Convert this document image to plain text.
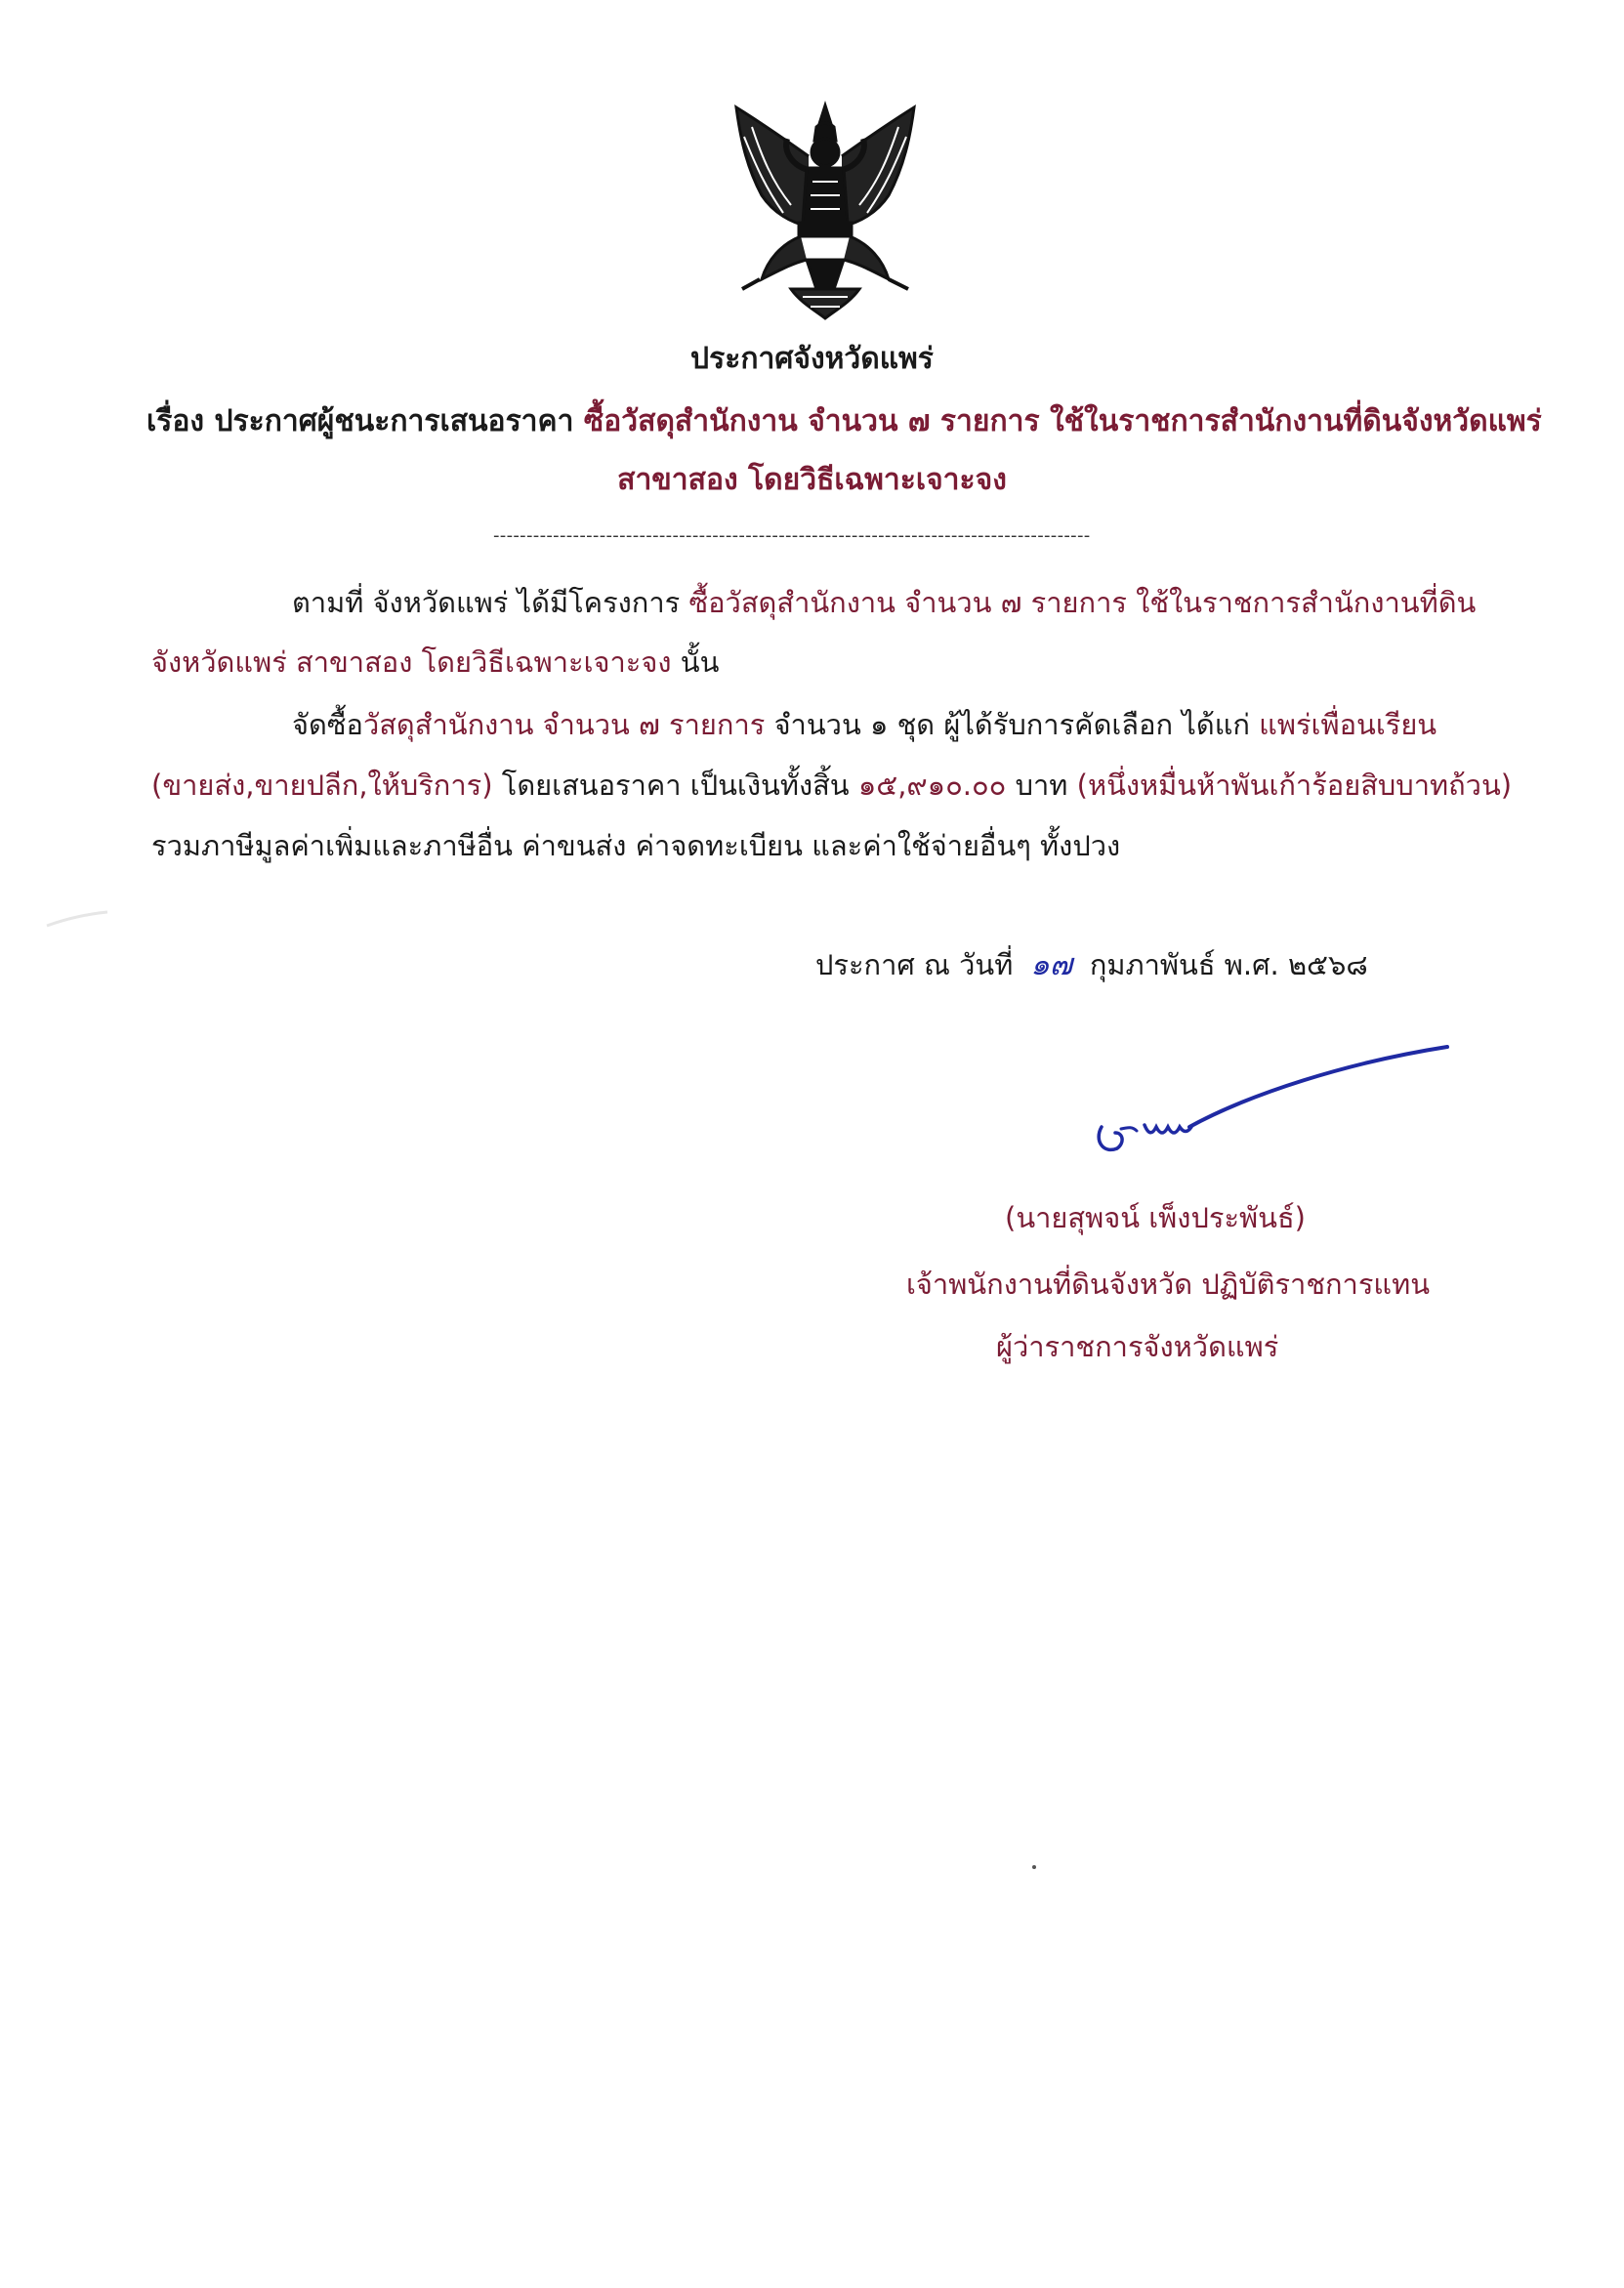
ประกาศจังหวัดแพร่
เรื่อง ประกาศผู้ชนะการเสนอราคา ซื้อวัสดุสำนักงาน จำนวน ๗ รายการ ใช้ในราชการสำนักงานที่ดินจังหวัดแพร่
สาขาสอง โดยวิธีเฉพาะเจาะจง
------------------------------------------------------------------------------------------
ตามที่ จังหวัดแพร่ ได้มีโครงการ ซื้อวัสดุสำนักงาน จำนวน ๗ รายการ ใช้ในราชการสำนักงานที่ดิน
จังหวัดแพร่ สาขาสอง โดยวิธีเฉพาะเจาะจง นั้น
จัดซื้อวัสดุสำนักงาน จำนวน ๗ รายการ จำนวน ๑ ชุด ผู้ได้รับการคัดเลือก ได้แก่ แพร่เพื่อนเรียน
(ขายส่ง,ขายปลีก,ให้บริการ) โดยเสนอราคา เป็นเงินทั้งสิ้น ๑๕,๙๑๐.๐๐ บาท (หนึ่งหมื่นห้าพันเก้าร้อยสิบบาทถ้วน)
รวมภาษีมูลค่าเพิ่มและภาษีอื่น ค่าขนส่ง ค่าจดทะเบียน และค่าใช้จ่ายอื่นๆ ทั้งปวง
ประกาศ ณ วันที่ ๑๗ กุมภาพันธ์ พ.ศ. ๒๕๖๘
(นายสุพจน์ เพ็งประพันธ์)
เจ้าพนักงานที่ดินจังหวัด ปฏิบัติราชการแทน
ผู้ว่าราชการจังหวัดแพร่
